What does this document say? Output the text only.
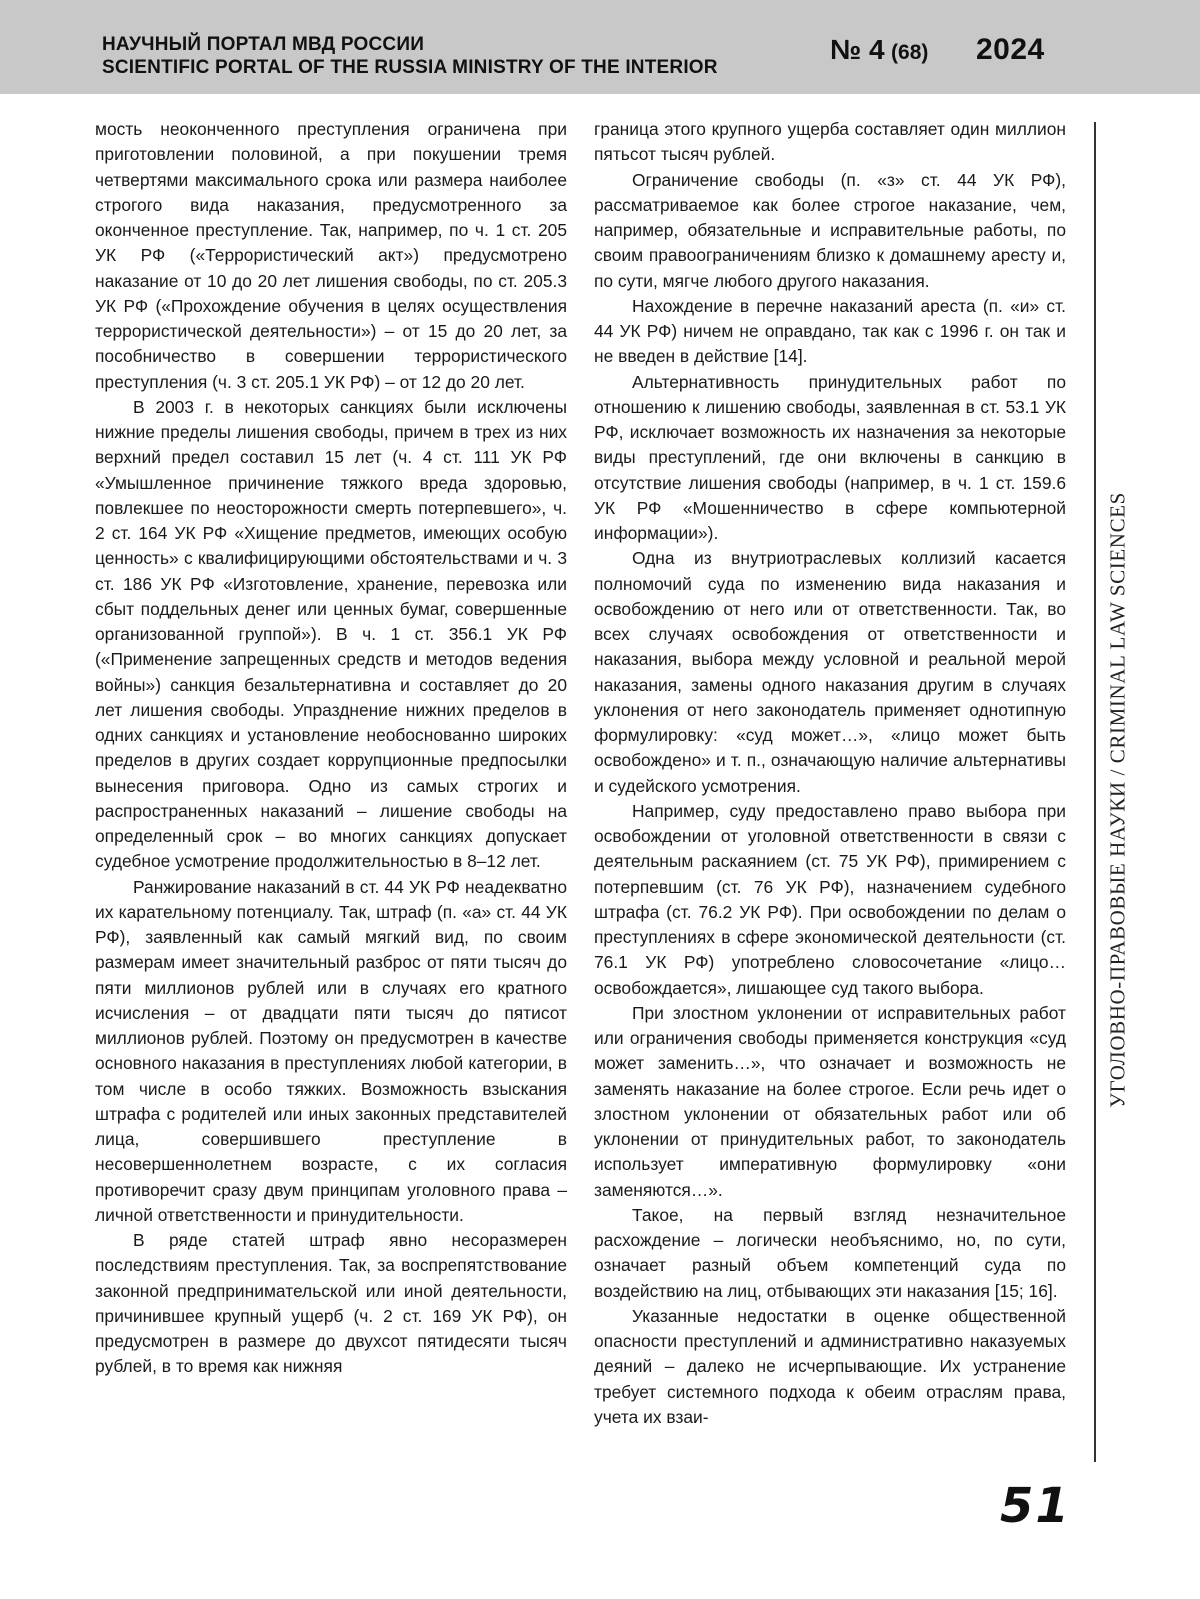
НАУЧНЫЙ ПОРТАЛ МВД РОССИИ
SCIENTIFIC PORTAL OF THE RUSSIA MINISTRY OF THE INTERIOR
№ 4 (68) 2024

мость неоконченного преступления ограничена при приготовлении половиной, а при покушении тремя четвертями максимального срока или размера наиболее строгого вида наказания, предусмотренного за оконченное преступление. Так, например, по ч. 1 ст. 205 УК РФ («Террористический акт») предусмотрено наказание от 10 до 20 лет лишения свободы, по ст. 205.3 УК РФ («Прохождение обучения в целях осуществления террористической деятельности») – от 15 до 20 лет, за пособничество в совершении террористического преступления (ч. 3 ст. 205.1 УК РФ) – от 12 до 20 лет.

В 2003 г. в некоторых санкциях были исключены нижние пределы лишения свободы, причем в трех из них верхний предел составил 15 лет (ч. 4 ст. 111 УК РФ «Умышленное причинение тяжкого вреда здоровью, повлекшее по неосторожности смерть потерпевшего», ч. 2 ст. 164 УК РФ «Хищение предметов, имеющих особую ценность» с квалифицирующими обстоятельствами и ч. 3 ст. 186 УК РФ «Изготовление, хранение, перевозка или сбыт поддельных денег или ценных бумаг, совершенные организованной группой»). В ч. 1 ст. 356.1 УК РФ («Применение запрещенных средств и методов ведения войны») санкция безальтернативна и составляет до 20 лет лишения свободы. Упразднение нижних пределов в одних санкциях и установление необоснованно широких пределов в других создает коррупционные предпосылки вынесения приговора. Одно из самых строгих и распространенных наказаний – лишение свободы на определенный срок – во многих санкциях допускает судебное усмотрение продолжительностью в 8–12 лет.

Ранжирование наказаний в ст. 44 УК РФ неадекватно их карательному потенциалу. Так, штраф (п. «а» ст. 44 УК РФ), заявленный как самый мягкий вид, по своим размерам имеет значительный разброс от пяти тысяч до пяти миллионов рублей или в случаях его кратного исчисления – от двадцати пяти тысяч до пятисот миллионов рублей. Поэтому он предусмотрен в качестве основного наказания в преступлениях любой категории, в том числе в особо тяжких. Возможность взыскания штрафа с родителей или иных законных представителей лица, совершившего преступление в несовершеннолетнем возрасте, с их согласия противоречит сразу двум принципам уголовного права – личной ответственности и принудительности.

В ряде статей штраф явно несоразмерен последствиям преступления. Так, за воспрепятствование законной предпринимательской или иной деятельности, причинившее крупный ущерб (ч. 2 ст. 169 УК РФ), он предусмотрен в размере до двухсот пятидесяти тысяч рублей, в то время как нижняя

граница этого крупного ущерба составляет один миллион пятьсот тысяч рублей.

Ограничение свободы (п. «з» ст. 44 УК РФ), рассматриваемое как более строгое наказание, чем, например, обязательные и исправительные работы, по своим правоограничениям близко к домашнему аресту и, по сути, мягче любого другого наказания.

Нахождение в перечне наказаний ареста (п. «и» ст. 44 УК РФ) ничем не оправдано, так как с 1996 г. он так и не введен в действие [14].

Альтернативность принудительных работ по отношению к лишению свободы, заявленная в ст. 53.1 УК РФ, исключает возможность их назначения за некоторые виды преступлений, где они включены в санкцию в отсутствие лишения свободы (например, в ч. 1 ст. 159.6 УК РФ «Мошенничество в сфере компьютерной информации»).

Одна из внутриотраслевых коллизий касается полномочий суда по изменению вида наказания и освобождению от него или от ответственности. Так, во всех случаях освобождения от ответственности и наказания, выбора между условной и реальной мерой наказания, замены одного наказания другим в случаях уклонения от него законодатель применяет однотипную формулировку: «суд может…», «лицо может быть освобождено» и т. п., означающую наличие альтернативы и судейского усмотрения.

Например, суду предоставлено право выбора при освобождении от уголовной ответственности в связи с деятельным раскаянием (ст. 75 УК РФ), примирением с потерпевшим (ст. 76 УК РФ), назначением судебного штрафа (ст. 76.2 УК РФ). При освобождении по делам о преступлениях в сфере экономической деятельности (ст. 76.1 УК РФ) употреблено словосочетание «лицо… освобождается», лишающее суд такого выбора.

При злостном уклонении от исправительных работ или ограничения свободы применяется конструкция «суд может заменить…», что означает и возможность не заменять наказание на более строгое. Если речь идет о злостном уклонении от обязательных работ или об уклонении от принудительных работ, то законодатель использует императивную формулировку «они заменяются…».

Такое, на первый взгляд незначительное расхождение – логически необъяснимо, но, по сути, означает разный объем компетенций суда по воздействию на лиц, отбывающих эти наказания [15; 16].

Указанные недостатки в оценке общественной опасности преступлений и административно наказуемых деяний – далеко не исчерпывающие. Их устранение требует системного подхода к обеим отраслям права, учета их взаи-

УГОЛОВНО-ПРАВОВЫЕ НАУКИ / CRIMINAL LAW SCIENCES
51
